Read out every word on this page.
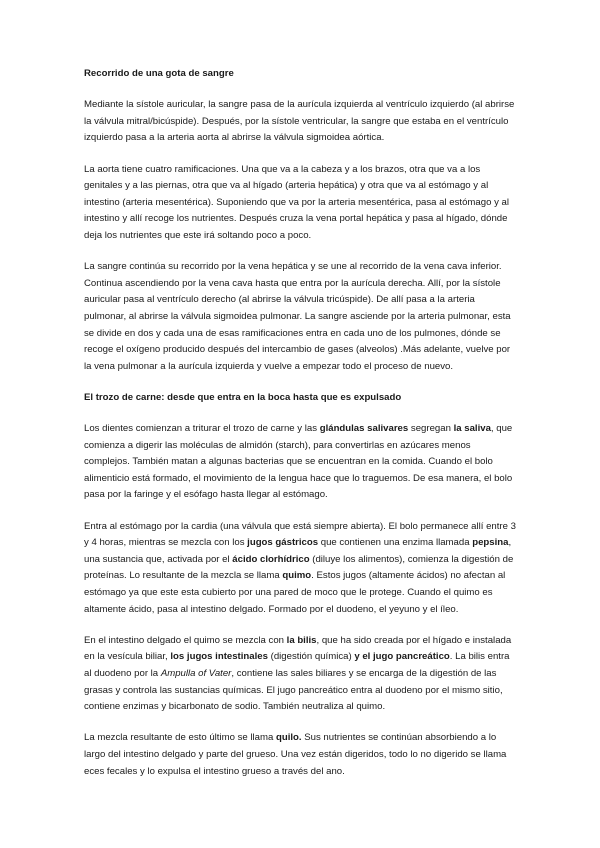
Recorrido de una gota de sangre

Mediante la sístole auricular, la sangre pasa de la aurícula izquierda al ventrículo izquierdo (al abrirse la válvula mitral/bicúspide). Después, por la sístole ventricular, la sangre que estaba en el ventrículo izquierdo pasa a la arteria aorta al abrirse la válvula sigmoidea aórtica.

La aorta tiene cuatro ramificaciones. Una que va a la cabeza y a los brazos, otra que va a los genitales y a las piernas, otra que va al hígado (arteria hepática) y otra que va al estómago y al intestino (arteria mesentérica). Suponiendo que va por la arteria mesentérica, pasa al estómago y al intestino y allí recoge los nutrientes. Después cruza la vena portal hepática y pasa al hígado, dónde deja los nutrientes que este irá soltando poco a poco.

La sangre continúa su recorrido por la vena hepática y se une al recorrido de la vena cava inferior. Continua ascendiendo por la vena cava hasta que entra por la aurícula derecha. Allí, por la sístole auricular pasa al ventrículo derecho (al abrirse la válvula tricúspide). De allí pasa a la arteria pulmonar, al abrirse la válvula sigmoidea pulmonar. La sangre asciende por la arteria pulmonar, esta se divide en dos y cada una de esas ramificaciones entra en cada uno de los pulmones, dónde se recoge el oxígeno producido después del intercambio de gases (alveolos) .Más adelante, vuelve por la vena pulmonar a la aurícula izquierda y vuelve a empezar todo el proceso de nuevo.

El trozo de carne: desde que entra en la boca hasta que es expulsado

Los dientes comienzan a triturar el trozo de carne y las glándulas salivares segregan la saliva, que comienza a digerir las moléculas de almidón (starch), para convertirlas en azúcares menos complejos. También matan a algunas bacterias que se encuentran en la comida. Cuando el bolo alimenticio está formado, el movimiento de la lengua hace que lo traguemos. De esa manera, el bolo pasa por la faringe y el esófago hasta llegar al estómago.

Entra al estómago por la cardia (una válvula que está siempre abierta). El bolo permanece allí entre 3 y 4 horas, mientras se mezcla con los jugos gástricos que contienen una enzima llamada pepsina, una sustancia que, activada por el ácido clorhídrico (diluye los alimentos), comienza la digestión de proteínas. Lo resultante de la mezcla se llama quimo. Estos jugos (altamente ácidos) no afectan al estómago ya que este esta cubierto por una pared de moco que le protege. Cuando el quimo es altamente ácido, pasa al intestino delgado. Formado por el duodeno, el yeyuno y el íleo.

En el intestino delgado el quimo se mezcla con la bilis, que ha sido creada por el hígado e instalada en la vesícula biliar, los jugos intestinales (digestión química) y el jugo pancreático. La bilis entra al duodeno por la Ampulla of Vater, contiene las sales biliares y se encarga de la digestión de las grasas y controla las sustancias químicas. El jugo pancreático entra al duodeno por el mismo sitio, contiene enzimas y bicarbonato de sodio. También neutraliza al quimo.

La mezcla resultante de esto último se llama quilo. Sus nutrientes se continúan absorbiendo a lo largo del intestino delgado y parte del grueso. Una vez están digeridos, todo lo no digerido se llama eces fecales y lo expulsa el intestino grueso a través del ano.
